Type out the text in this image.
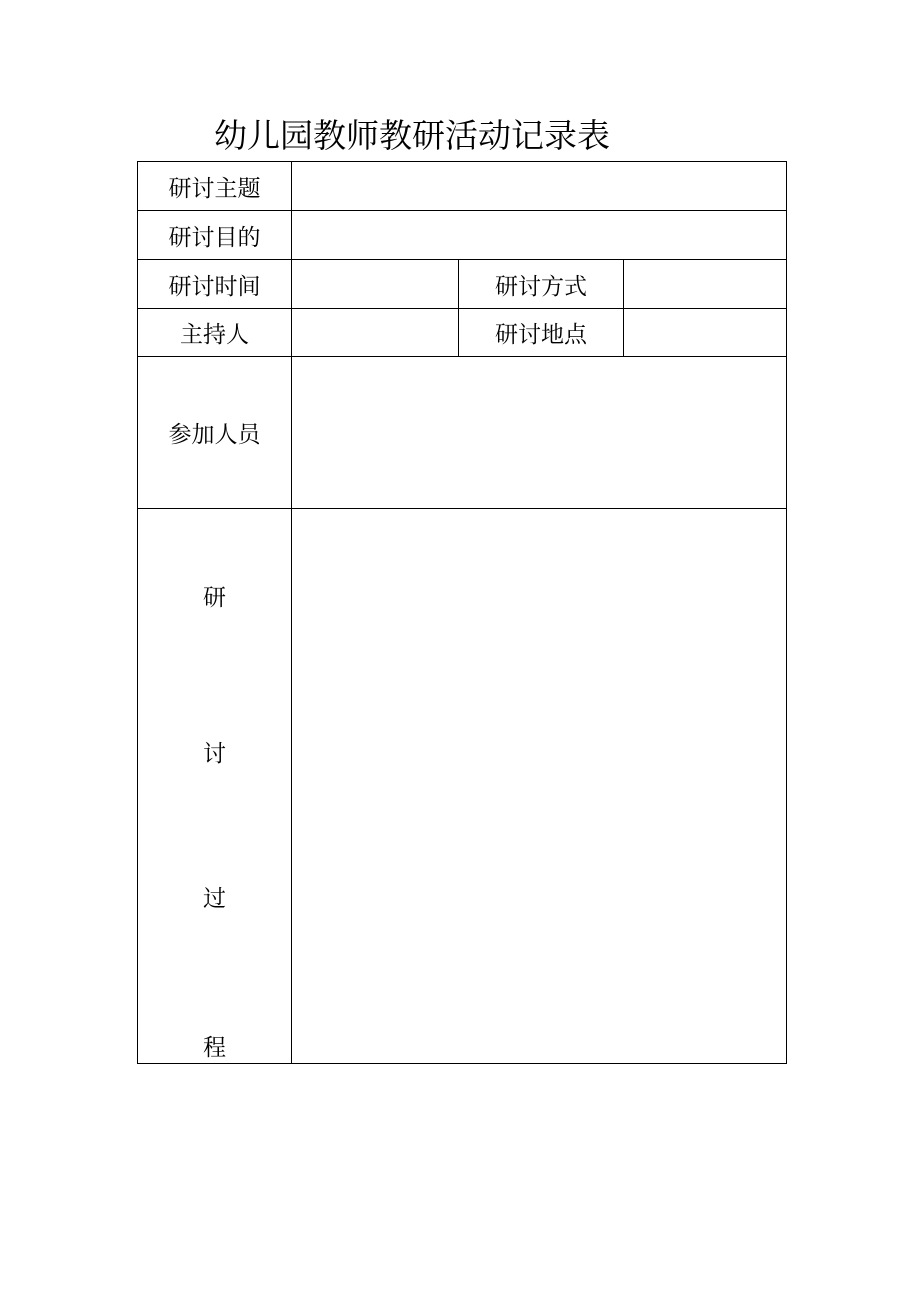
幼儿园教师教研活动记录表
研讨主题			
研讨目的			
研讨时间		研讨方式	
主持人		研讨地点	
参加人员			

研
讨
过
程			
